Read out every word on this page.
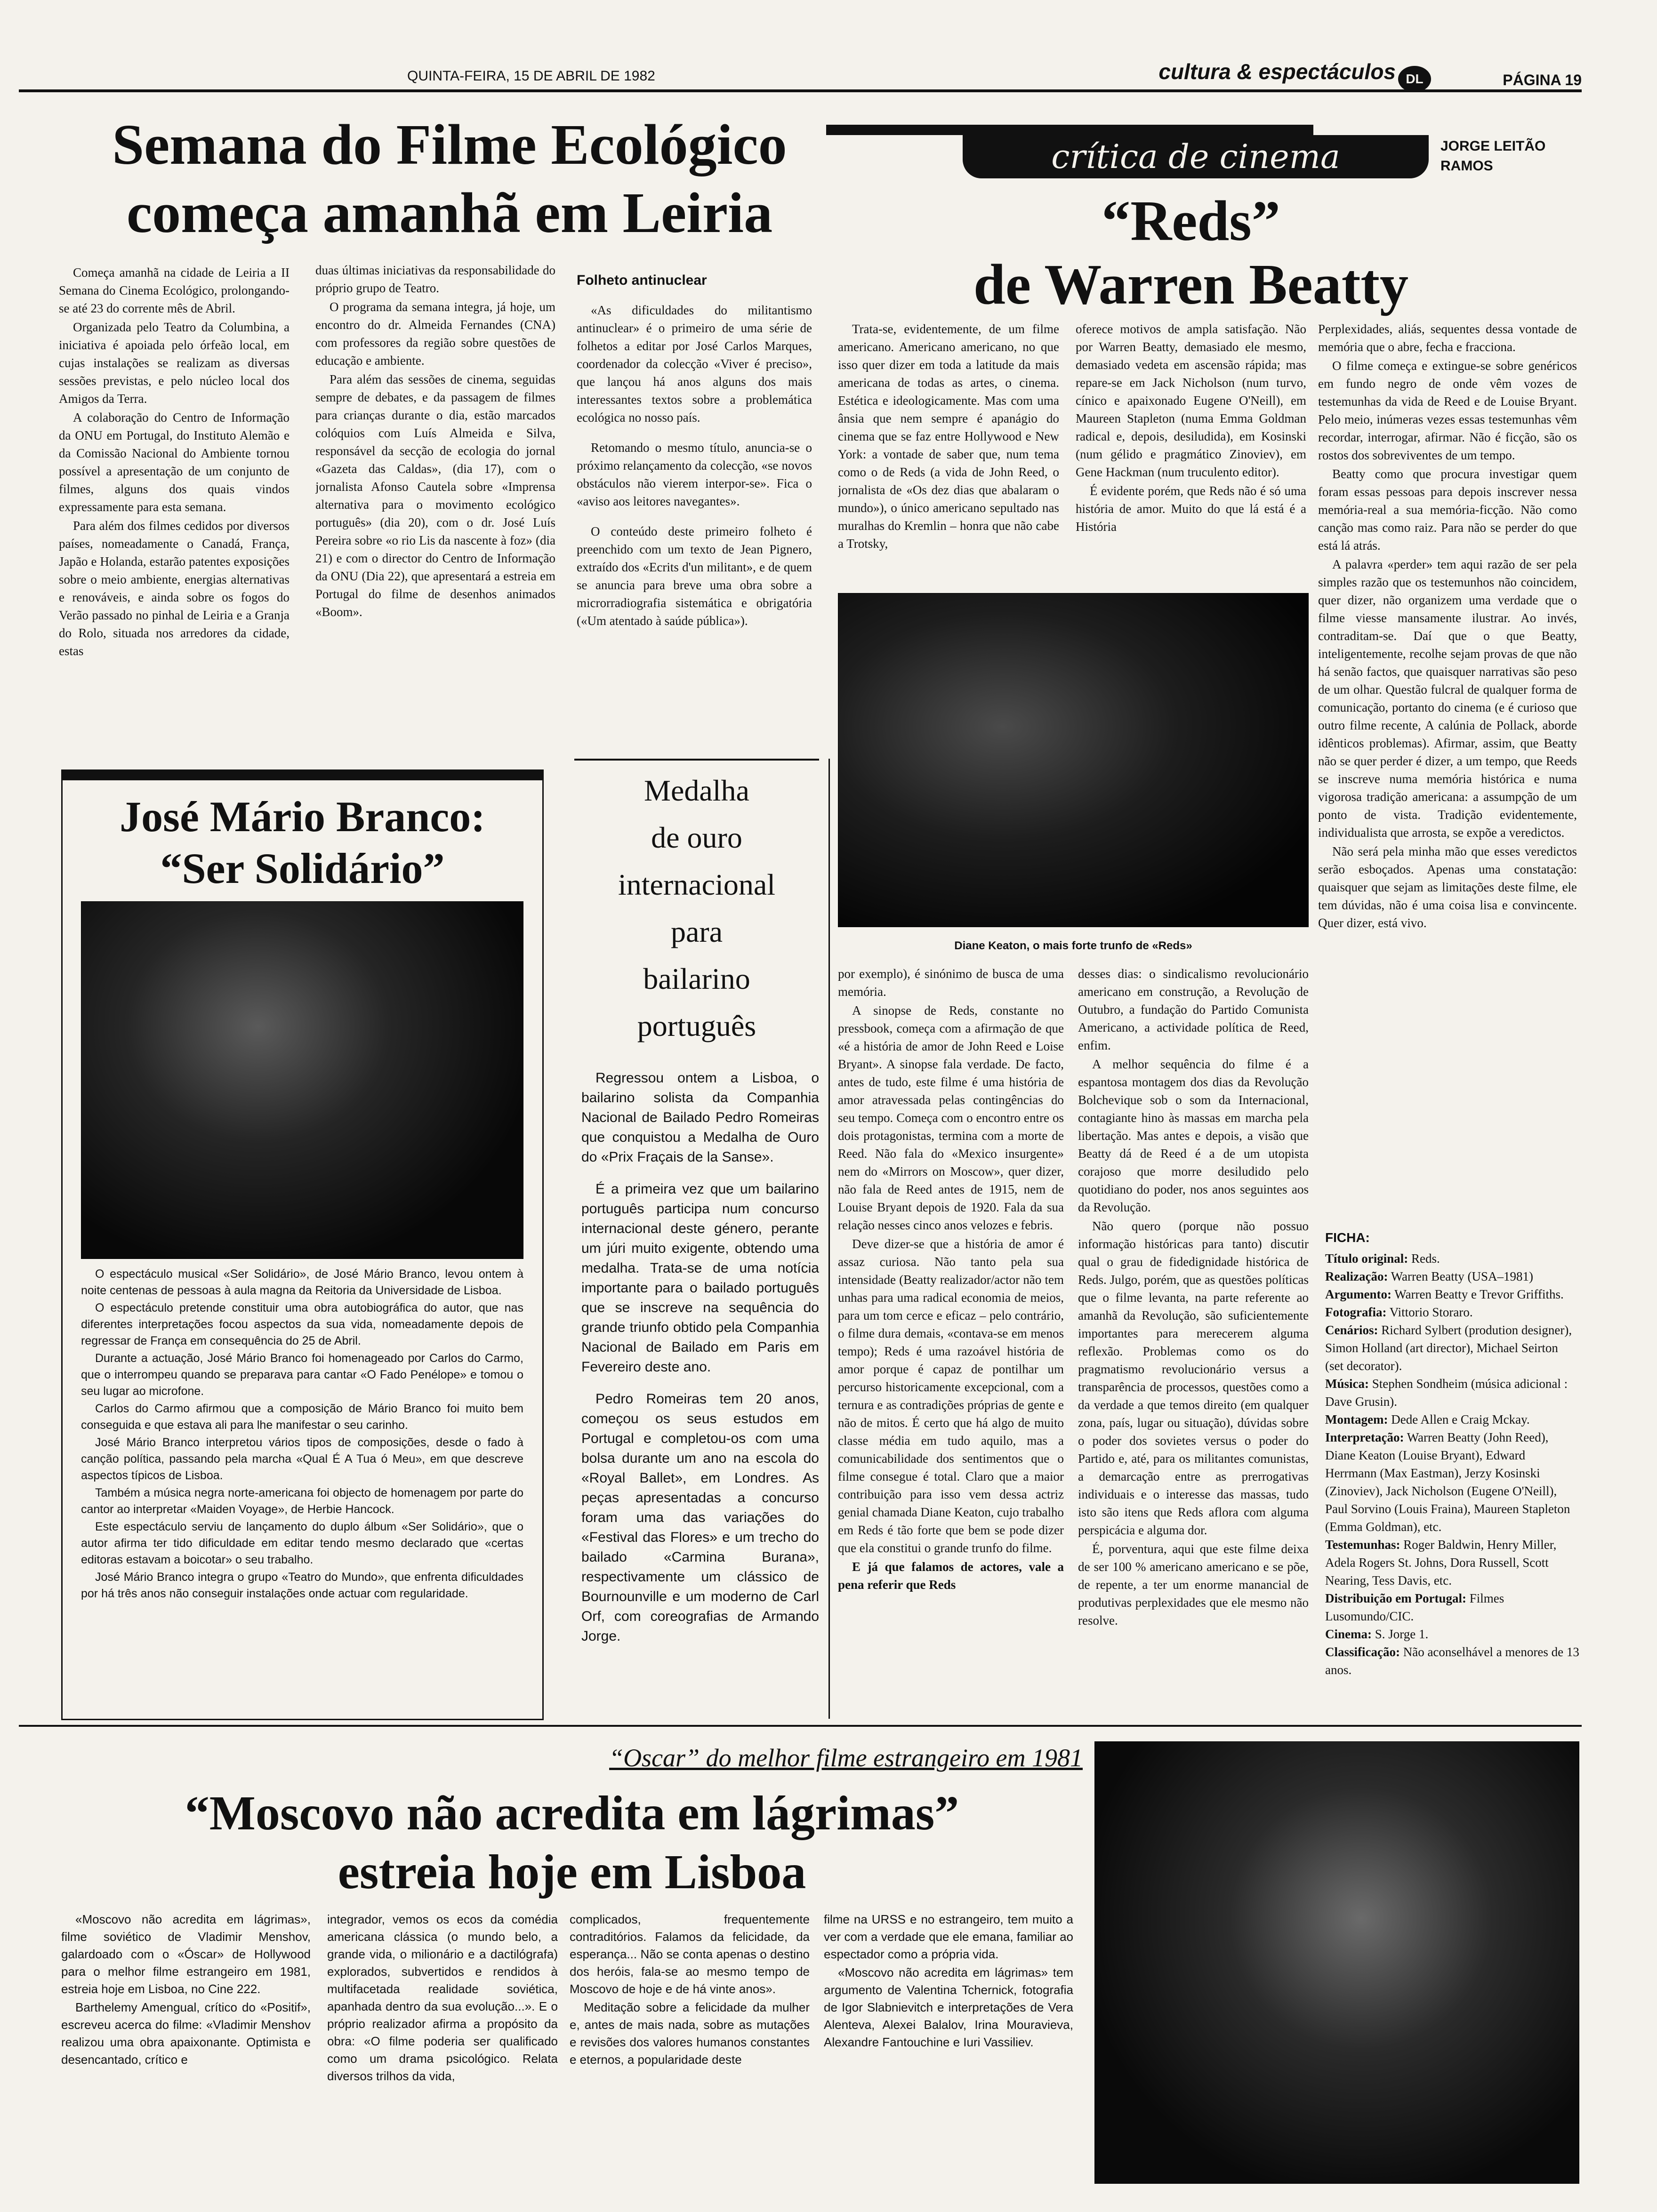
QUINTA-FEIRA, 15 DE ABRIL DE 1982	cultura & espectáculos DL	PÁGINA 19
Semana do Filme Ecológico
começa amanhã em Leiria

Começa amanhã na cidade de Leiria a II Semana do Cinema Ecológico, prolongando-se até 23 do corrente mês de Abril.

Organizada pelo Teatro da Columbina, a iniciativa é apoiada pelo órfeão local, em cujas instalações se realizam as diversas sessões previstas, e pelo núcleo local dos Amigos da Terra.

A colaboração do Centro de Informação da ONU em Portugal, do Instituto Alemão e da Comissão Nacional do Ambiente tornou possível a apresentação de um conjunto de filmes, alguns dos quais vindos expressamente para esta semana.

Para além dos filmes cedidos por diversos países, nomeadamente o Canadá, França, Japão e Holanda, estarão patentes exposições sobre o meio ambiente, energias alternativas e renováveis, e ainda sobre os fogos do Verão passado no pinhal de Leiria e a Granja do Rolo, situada nos arredores da cidade, estas

duas últimas iniciativas da responsabilidade do próprio grupo de Teatro.

O programa da semana integra, já hoje, um encontro do dr. Almeida Fernandes (CNA) com professores da região sobre questões de educação e ambiente.

Para além das sessões de cinema, seguidas sempre de debates, e da passagem de filmes para crianças durante o dia, estão marcados colóquios com Luís Almeida e Silva, responsável da secção de ecologia do jornal «Gazeta das Caldas», (dia 17), com o jornalista Afonso Cautela sobre «Imprensa alternativa para o movimento ecológico português» (dia 20), com o dr. José Luís Pereira sobre «o rio Lis da nascente à foz» (dia 21) e com o director do Centro de Informação da ONU (Dia 22), que apresentará a estreia em Portugal do filme de desenhos animados «Boom».

Folheto antinuclear

«As dificuldades do militantismo antinuclear» é o primeiro de uma série de folhetos a editar por José Carlos Marques, coordenador da colecção «Viver é preciso», que lançou há anos alguns dos mais interessantes textos sobre a problemática ecológica no nosso país.

Retomando o mesmo título, anuncia-se o próximo relançamento da colecção, «se novos obstáculos não vierem interpor-se». Fica o «aviso aos leitores navegantes».

O conteúdo deste primeiro folheto é preenchido com um texto de Jean Pignero, extraído dos «Ecrits d'un militant», e de quem se anuncia para breve uma obra sobre a microrradiografia sistemática e obrigatória («Um atentado à saúde pública»).

crítica de cinema	JORGE LEITÃO
RAMOS
“Reds”
de Warren Beatty

Trata-se, evidentemente, de um filme americano. Americano americano, no que isso quer dizer em toda a latitude da mais americana de todas as artes, o cinema. Estética e ideologicamente. Mas com uma ânsia que nem sempre é apanágio do cinema que se faz entre Hollywood e New York: a vontade de saber que, num tema como o de Reds (a vida de John Reed, o jornalista de «Os dez dias que abalaram o mundo»), o único americano sepultado nas muralhas do Kremlin – honra que não cabe a Trotsky,

oferece motivos de ampla satisfação. Não por Warren Beatty, demasiado ele mesmo, demasiado vedeta em ascensão rápida; mas repare-se em Jack Nicholson (num turvo, cínico e apaixonado Eugene O'Neill), em Maureen Stapleton (numa Emma Goldman radical e, depois, desiludida), em Kosinski (num gélido e pragmático Zinoviev), em Gene Hackman (num truculento editor).

É evidente porém, que Reds não é só uma história de amor. Muito do que lá está é a História

Diane Keaton, o mais forte trunfo de «Reds»

Perplexidades, aliás, sequentes dessa vontade de memória que o abre, fecha e fracciona.

O filme começa e extingue-se sobre genéricos em fundo negro de onde vêm vozes de testemunhas da vida de Reed e de Louise Bryant. Pelo meio, inúmeras vezes essas testemunhas vêm recordar, interrogar, afirmar. Não é ficção, são os rostos dos sobreviventes de um tempo.

Beatty como que procura investigar quem foram essas pessoas para depois inscrever nessa memória-real a sua memória-ficção. Não como canção mas como raiz. Para não se perder do que está lá atrás.

A palavra «perder» tem aqui razão de ser pela simples razão que os testemunhos não coincidem, quer dizer, não organizem uma verdade que o filme viesse mansamente ilustrar. Ao invés, contraditam-se. Daí que o que Beatty, inteligentemente, recolhe sejam provas de que não há senão factos, que quaisquer narrativas são peso de um olhar. Questão fulcral de qualquer forma de comunicação, portanto do cinema (e é curioso que outro filme recente, A calúnia de Pollack, aborde idênticos problemas). Afirmar, assim, que Beatty não se quer perder é dizer, a um tempo, que Reeds se inscreve numa memória histórica e numa vigorosa tradição americana: a assumpção de um ponto de vista. Tradição evidentemente, individualista que arrosta, se expõe a veredictos.

Não será pela minha mão que esses veredictos serão esboçados. Apenas uma constatação: quaisquer que sejam as limitações deste filme, ele tem dúvidas, não é uma coisa lisa e convincente. Quer dizer, está vivo.

por exemplo), é sinónimo de busca de uma memória.

A sinopse de Reds, constante no pressbook, começa com a afirmação de que «é a história de amor de John Reed e Loise Bryant». A sinopse fala verdade. De facto, antes de tudo, este filme é uma história de amor atravessada pelas contingências do seu tempo. Começa com o encontro entre os dois protagonistas, termina com a morte de Reed. Não fala do «Mexico insurgente» nem do «Mirrors on Moscow», quer dizer, não fala de Reed antes de 1915, nem de Louise Bryant depois de 1920. Fala da sua relação nesses cinco anos velozes e febris.

Deve dizer-se que a história de amor é assaz curiosa. Não tanto pela sua intensidade (Beatty realizador/actor não tem unhas para uma radical economia de meios, para um tom cerce e eficaz – pelo contrário, o filme dura demais, «contava-se em menos tempo); Reds é uma razoável história de amor porque é capaz de pontilhar um percurso historicamente excepcional, com a ternura e as contradições próprias de gente e não de mitos. É certo que há algo de muito classe média em tudo aquilo, mas a comunicabilidade dos sentimentos que o filme consegue é total. Claro que a maior contribuição para isso vem dessa actriz genial chamada Diane Keaton, cujo trabalho em Reds é tão forte que bem se pode dizer que ela constitui o grande trunfo do filme.

E já que falamos de actores, vale a pena referir que Reds

desses dias: o sindicalismo revolucionário americano em construção, a Revolução de Outubro, a fundação do Partido Comunista Americano, a actividade política de Reed, enfim.

A melhor sequência do filme é a espantosa montagem dos dias da Revolução Bolchevique sob o som da Internacional, contagiante hino às massas em marcha pela libertação. Mas antes e depois, a visão que Beatty dá de Reed é a de um utopista corajoso que morre desiludido pelo quotidiano do poder, nos anos seguintes aos da Revolução.

Não quero (porque não possuo informação históricas para tanto) discutir qual o grau de fidedignidade histórica de Reds. Julgo, porém, que as questões políticas que o filme levanta, na parte referente ao amanhã da Revolução, são suficientemente importantes para merecerem alguma reflexão. Problemas como os do pragmatismo revolucionário versus a transparência de processos, questões como a da verdade a que temos direito (em qualquer zona, país, lugar ou situação), dúvidas sobre o poder dos sovietes versus o poder do Partido e, até, para os militantes comunistas, a demarcação entre as prerrogativas individuais e o interesse das massas, tudo isto são itens que Reds aflora com alguma perspicácia e alguma dor.

É, porventura, aqui que este filme deixa de ser 100 % americano americano e se põe, de repente, a ter um enorme manancial de produtivas perplexidades que ele mesmo não resolve.

FICHA:
Título original: Reds.
Realização: Warren Beatty (USA–1981)
Argumento: Warren Beatty e Trevor Griffiths.
Fotografia: Vittorio Storaro.
Cenários: Richard Sylbert (prodution designer), Simon Holland (art director), Michael Seirton (set decorator).
Música: Stephen Sondheim (música adicional : Dave Grusin).
Montagem: Dede Allen e Craig Mckay.
Interpretação: Warren Beatty (John Reed), Diane Keaton (Louise Bryant), Edward Herrmann (Max Eastman), Jerzy Kosinski (Zinoviev), Jack Nicholson (Eugene O'Neill), Paul Sorvino (Louis Fraina), Maureen Stapleton (Emma Goldman), etc.
Testemunhas: Roger Baldwin, Henry Miller, Adela Rogers St. Johns, Dora Russell, Scott Nearing, Tess Davis, etc.
Distribuição em Portugal: Filmes Lusomundo/CIC.
Cinema: S. Jorge 1.
Classificação: Não aconselhável a menores de 13 anos.
José Mário Branco:
“Ser Solidário”

O espectáculo musical «Ser Solidário», de José Mário Branco, levou ontem à noite centenas de pessoas à aula magna da Reitoria da Universidade de Lisboa.

O espectáculo pretende constituir uma obra autobiográfica do autor, que nas diferentes interpretações focou aspectos da sua vida, nomeadamente depois de regressar de França em consequência do 25 de Abril.

Durante a actuação, José Mário Branco foi homenageado por Carlos do Carmo, que o interrompeu quando se preparava para cantar «O Fado Penélope» e tomou o seu lugar ao microfone.

Carlos do Carmo afirmou que a composição de Mário Branco foi muito bem conseguida e que estava ali para lhe manifestar o seu carinho.

José Mário Branco interpretou vários tipos de composições, desde o fado à canção política, passando pela marcha «Qual É A Tua ó Meu», em que descreve aspectos típicos de Lisboa.

Também a música negra norte-americana foi objecto de homenagem por parte do cantor ao interpretar «Maiden Voyage», de Herbie Hancock.

Este espectáculo serviu de lançamento do duplo álbum «Ser Solidário», que o autor afirma ter tido dificuldade em editar tendo mesmo declarado que «certas editoras estavam a boicotar» o seu trabalho.

José Mário Branco integra o grupo «Teatro do Mundo», que enfrenta dificuldades por há três anos não conseguir instalações onde actuar com regularidade.

Medalha
de ouro
internacional
para
bailarino
português

Regressou ontem a Lisboa, o bailarino solista da Companhia Nacional de Bailado Pedro Romeiras que conquistou a Medalha de Ouro do «Prix Fraçais de la Sanse».

É a primeira vez que um bailarino português participa num concurso internacional deste género, perante um júri muito exigente, obtendo uma medalha. Trata-se de uma notícia importante para o bailado português que se inscreve na sequência do grande triunfo obtido pela Companhia Nacional de Bailado em Paris em Fevereiro deste ano.

Pedro Romeiras tem 20 anos, começou os seus estudos em Portugal e completou-os com uma bolsa durante um ano na escola do «Royal Ballet», em Londres. As peças apresentadas a concurso foram uma das variações do «Festival das Flores» e um trecho do bailado «Carmina Burana», respectivamente um clássico de Bournounville e um moderno de Carl Orf, com coreografias de Armando Jorge.

“Oscar” do melhor filme estrangeiro em 1981
“Moscovo não acredita em lágrimas”
estreia hoje em Lisboa

«Moscovo não acredita em lágrimas», filme soviético de Vladimir Menshov, galardoado com o «Óscar» de Hollywood para o melhor filme estrangeiro em 1981, estreia hoje em Lisboa, no Cine 222.

Barthelemy Amengual, crítico do «Positif», escreveu acerca do filme: «Vladimir Menshov realizou uma obra apaixonante. Optimista e desencantado, crítico e

integrador, vemos os ecos da comédia americana clássica (o mundo belo, a grande vida, o milionário e a dactilógrafa) explorados, subvertidos e rendidos à multifacetada realidade soviética, apanhada dentro da sua evolução...». E o próprio realizador afirma a propósito da obra: «O filme poderia ser qualificado como um drama psicológico. Relata diversos trilhos da vida,

complicados, frequentemente contraditórios. Falamos da felicidade, da esperança... Não se conta apenas o destino dos heróis, fala-se ao mesmo tempo de Moscovo de hoje e de há vinte anos».

Meditação sobre a felicidade da mulher e, antes de mais nada, sobre as mutações e revisões dos valores humanos constantes e eternos, a popularidade deste

filme na URSS e no estrangeiro, tem muito a ver com a verdade que ele emana, familiar ao espectador como a própria vida.

«Moscovo não acredita em lágrimas» tem argumento de Valentina Tchernick, fotografia de Igor Slabnievitch e interpretações de Vera Alenteva, Alexei Balalov, Irina Mouravieva, Alexandre Fantouchine e Iuri Vassiliev.
